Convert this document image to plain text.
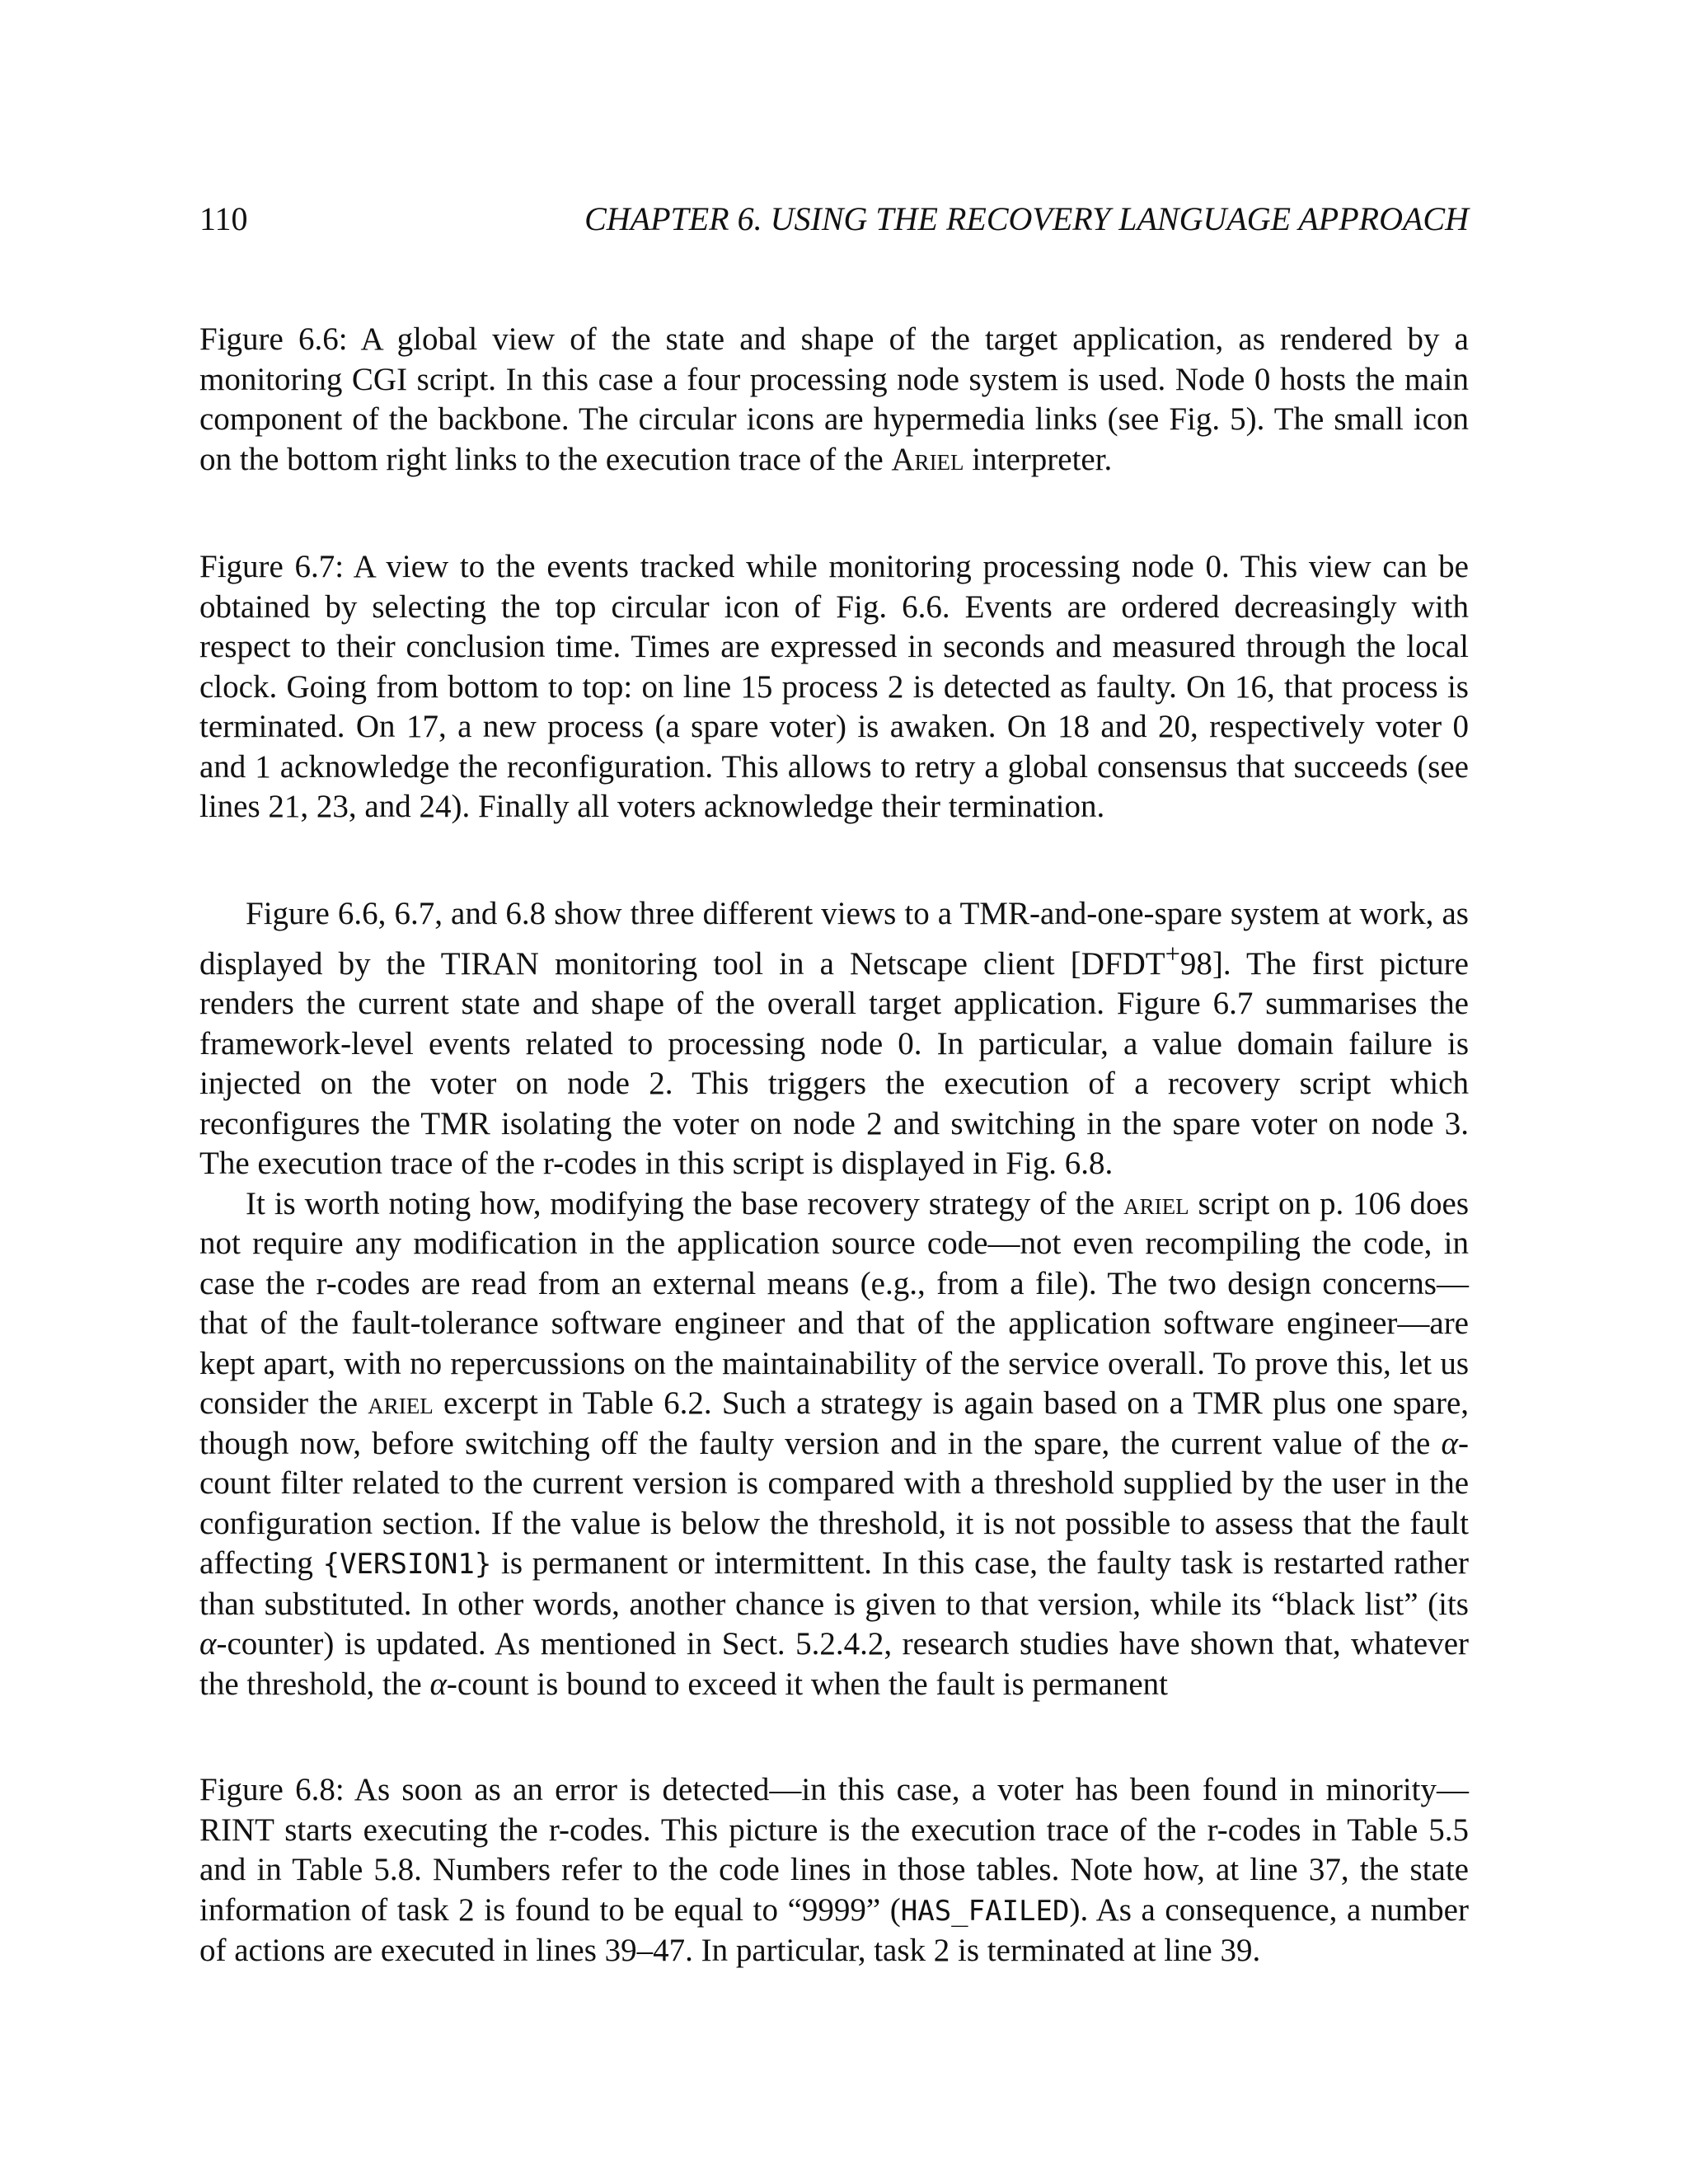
110	CHAPTER 6. USING THE RECOVERY LANGUAGE APPROACH

Figure 6.6: A global view of the state and shape of the target application, as rendered by a monitoring CGI script. In this case a four processing node system is used. Node 0 hosts the main component of the backbone. The circular icons are hypermedia links (see Fig. 5). The small icon on the bottom right links to the execution trace of the Ariel interpreter.

Figure 6.7: A view to the events tracked while monitoring processing node 0. This view can be obtained by selecting the top circular icon of Fig. 6.6. Events are ordered decreasingly with respect to their conclusion time. Times are expressed in seconds and measured through the local clock. Going from bottom to top: on line 15 process 2 is detected as faulty. On 16, that process is terminated. On 17, a new process (a spare voter) is awaken. On 18 and 20, respectively voter 0 and 1 acknowledge the reconfiguration. This allows to retry a global consensus that succeeds (see lines 21, 23, and 24). Finally all voters acknowledge their termination.

Figure 6.6, 6.7, and 6.8 show three different views to a TMR-and-one-spare system at work, as displayed by the TIRAN monitoring tool in a Netscape client [DFDT+98]. The first picture renders the current state and shape of the overall target application. Figure 6.7 summarises the framework-level events related to processing node 0. In particular, a value domain failure is injected on the voter on node 2. This triggers the execution of a recovery script which reconfigures the TMR isolating the voter on node 2 and switching in the spare voter on node 3. The execution trace of the r-codes in this script is displayed in Fig. 6.8.

It is worth noting how, modifying the base recovery strategy of the ariel script on p. 106 does not require any modification in the application source code—not even recompiling the code, in case the r-codes are read from an external means (e.g., from a file). The two design concerns—that of the fault-tolerance software engineer and that of the application software engineer—are kept apart, with no repercussions on the maintainability of the service overall. To prove this, let us consider the ariel excerpt in Table 6.2. Such a strategy is again based on a TMR plus one spare, though now, before switching off the faulty version and in the spare, the current value of the α-count filter related to the current version is compared with a threshold supplied by the user in the configuration section. If the value is below the threshold, it is not possible to assess that the fault affecting {VERSION1} is permanent or intermittent. In this case, the faulty task is restarted rather than substituted. In other words, another chance is given to that version, while its “black list” (its α-counter) is updated. As mentioned in Sect. 5.2.4.2, research studies have shown that, whatever the threshold, the α-count is bound to exceed it when the fault is permanent

Figure 6.8: As soon as an error is detected—in this case, a voter has been found in minority—RINT starts executing the r-codes. This picture is the execution trace of the r-codes in Table 5.5 and in Table 5.8. Numbers refer to the code lines in those tables. Note how, at line 37, the state information of task 2 is found to be equal to “9999” (HAS_FAILED). As a consequence, a number of actions are executed in lines 39–47. In particular, task 2 is terminated at line 39.
